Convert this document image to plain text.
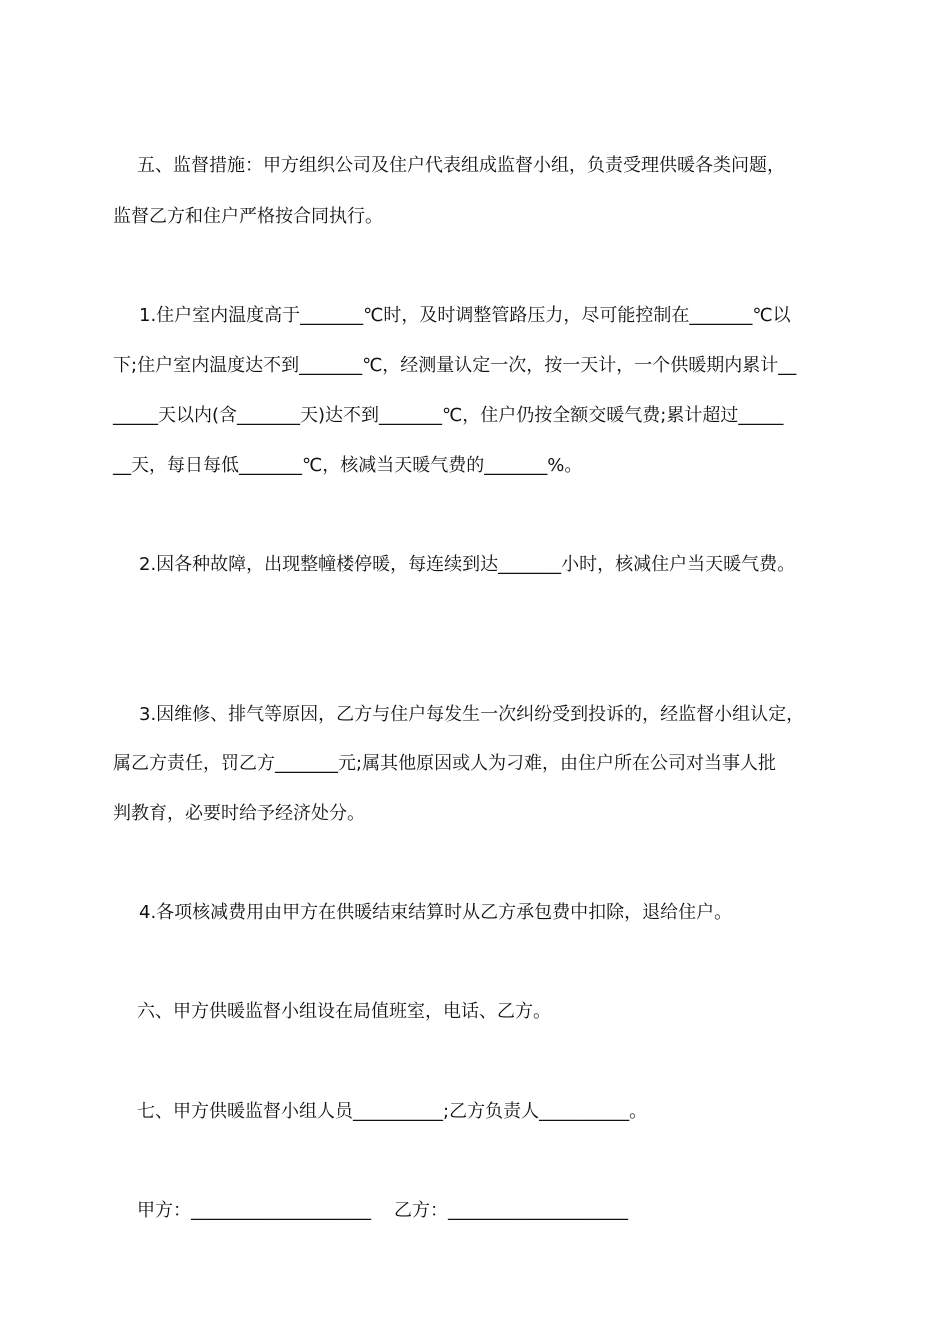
五、监督措施：甲方组织公司及住户代表组成监督小组，负责受理供暖各类问题，
监督乙方和住户严格按合同执行。
1.住户室内温度高于_______℃时，及时调整管路压力，尽可能控制在_______℃以
下;住户室内温度达不到_______℃，经测量认定一次，按一天计，一个供暖期内累计__
_____天以内(含_______天)达不到_______℃，住户仍按全额交暖气费;累计超过_____
__天，每日每低_______℃，核减当天暖气费的_______%。
2.因各种故障，出现整幢楼停暖，每连续到达_______小时，核减住户当天暖气费。
3.因维修、排气等原因，乙方与住户每发生一次纠纷受到投诉的，经监督小组认定，
属乙方责任，罚乙方_______元;属其他原因或人为刁难，由住户所在公司对当事人批
判教育，必要时给予经济处分。
4.各项核减费用由甲方在供暖结束结算时从乙方承包费中扣除，退给住户。
六、甲方供暖监督小组设在局值班室，电话、乙方。
七、甲方供暖监督小组人员__________;乙方负责人__________。
甲方：____________________ 乙方：____________________
